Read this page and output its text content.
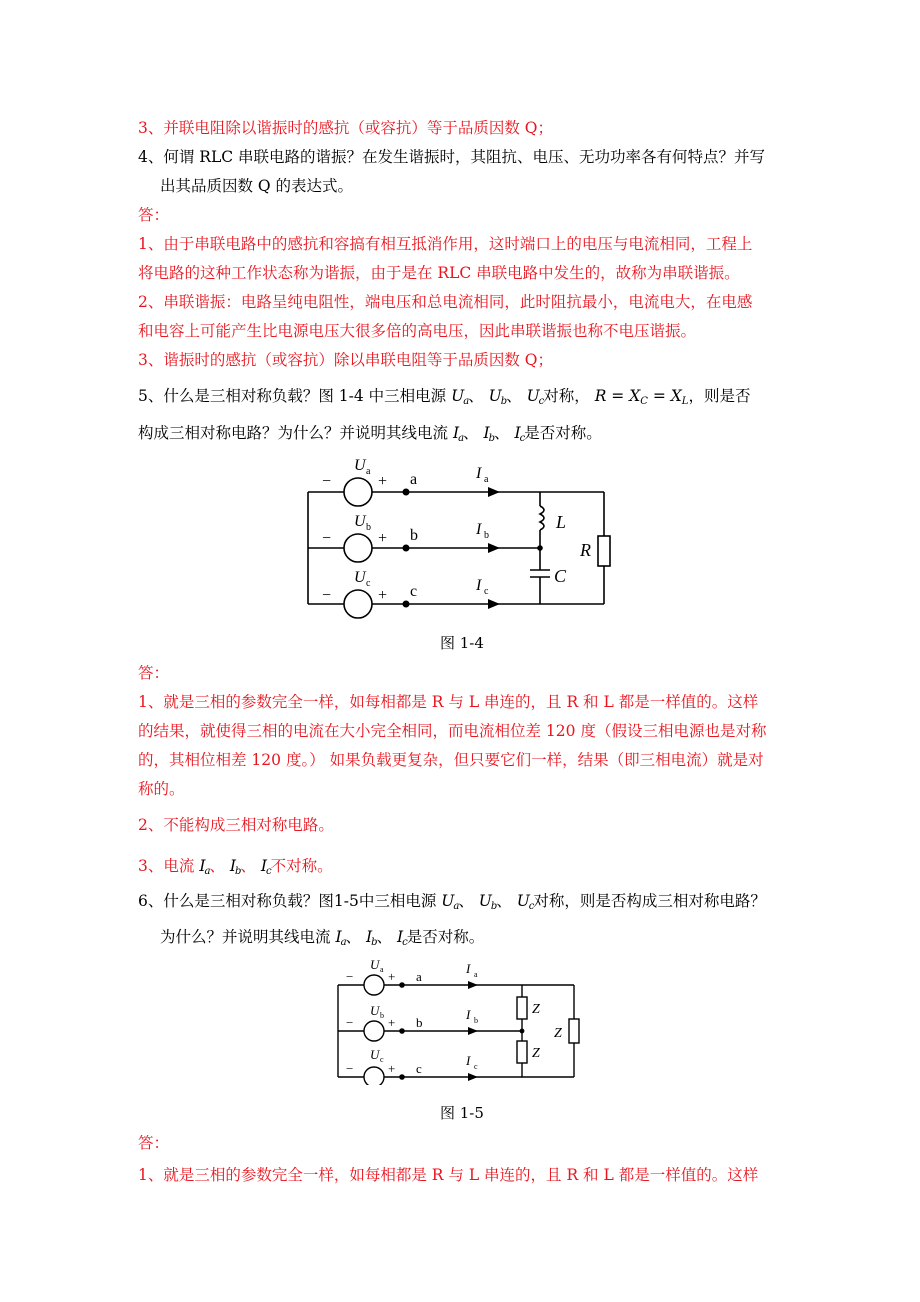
3、并联电阻除以谐振时的感抗（或容抗）等于品质因数 Q；
4、何谓 RLC 串联电路的谐振？在发生谐振时，其阻抗、电压、无功功率各有何特点？并写
出其品质因数 Q 的表达式。
答：
1、由于串联电路中的感抗和容搞有相互抵消作用，这时端口上的电压与电流相同，工程上
将电路的这种工作状态称为谐振，由于是在 RLC 串联电路中发生的，故称为串联谐振。
2、串联谐振：电路呈纯电阻性，端电压和总电流相同，此时阻抗最小，电流电大，在电感
和电容上可能产生比电源电压大很多倍的高电压，因此串联谐振也称不电压谐振。
3、谐振时的感抗（或容抗）除以串联电阻等于品质因数 Q；
5、什么是三相对称负载？图 1-4 中三相电源 $U_a$、 $U_b$、 $U_c$对称， $R = X_C = X_L$，则是否
构成三相对称电路？为什么？并说明其线电流 $I_a$、 $I_b$、 $I_c$是否对称。
−	+
−	+
−	+
a
b
c
U a
U b
U c
I a
I b
I c
L
C
R
图 1-4
答：
1、就是三相的参数完全一样，如每相都是 R 与 L 串连的，且 R 和 L 都是一样值的。这样
的结果，就使得三相的电流在大小完全相同，而电流相位差 120 度（假设三相电源也是对称
的，其相位相差 120 度。） 如果负载更复杂，但只要它们一样，结果（即三相电流）就是对
称的。
2、不能构成三相对称电路。
3、电流 $I_a$、 $I_b$、 $I_c$不对称。
6、什么是三相对称负载？图1-5中三相电源 $U_a$、 $U_b$、 $U_c$对称，则是否构成三相对称电路？
为什么？并说明其线电流 $I_a$、 $I_b$、 $I_c$是否对称。
−	+
−	+
−	+
a
b
c
U a
U b
U c
I a
I b
I c
Z
Z
Z
图 1-5
答：
1、就是三相的参数完全一样，如每相都是 R 与 L 串连的，且 R 和 L 都是一样值的。这样
